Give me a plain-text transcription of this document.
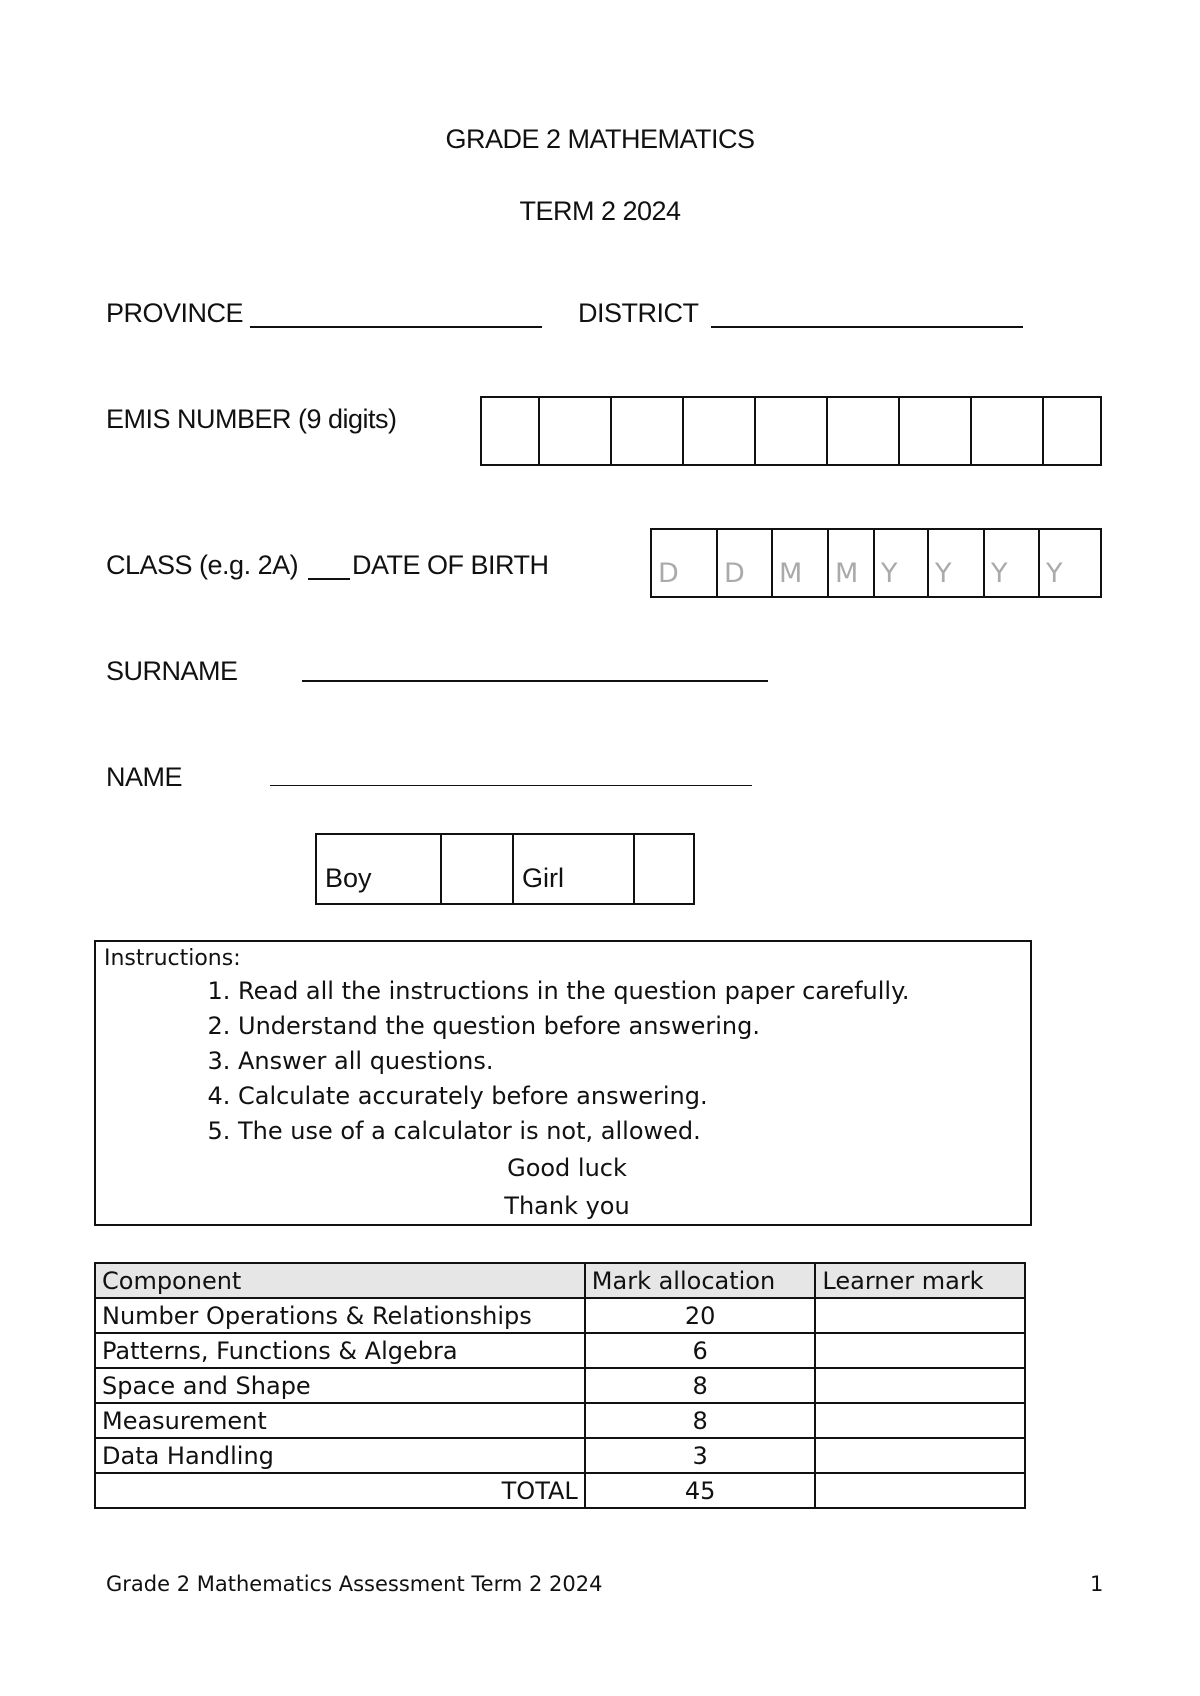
GRADE 2 MATHEMATICS
TERM 2 2024
PROVINCE	DISTRICT
EMIS NUMBER (9 digits)
CLASS (e.g. 2A) DATE OF BIRTH	D	D	M	M Y	Y	Y	Y
SURNAME
NAME
Boy	Girl
Instructions:
1. Read all the instructions in the question paper carefully.
2. Understand the question before answering.
3. Answer all questions.
4. Calculate accurately before answering.
5. The use of a calculator is not, allowed.
Good luck
Thank you
Component	Mark allocation	Learner mark
Number Operations & Relationships	20	
Patterns, Functions & Algebra	6	
Space and Shape	8	
Measurement	8	
Data Handling	3	
TOTAL	45	
Grade 2 Mathematics Assessment Term 2 2024	1
